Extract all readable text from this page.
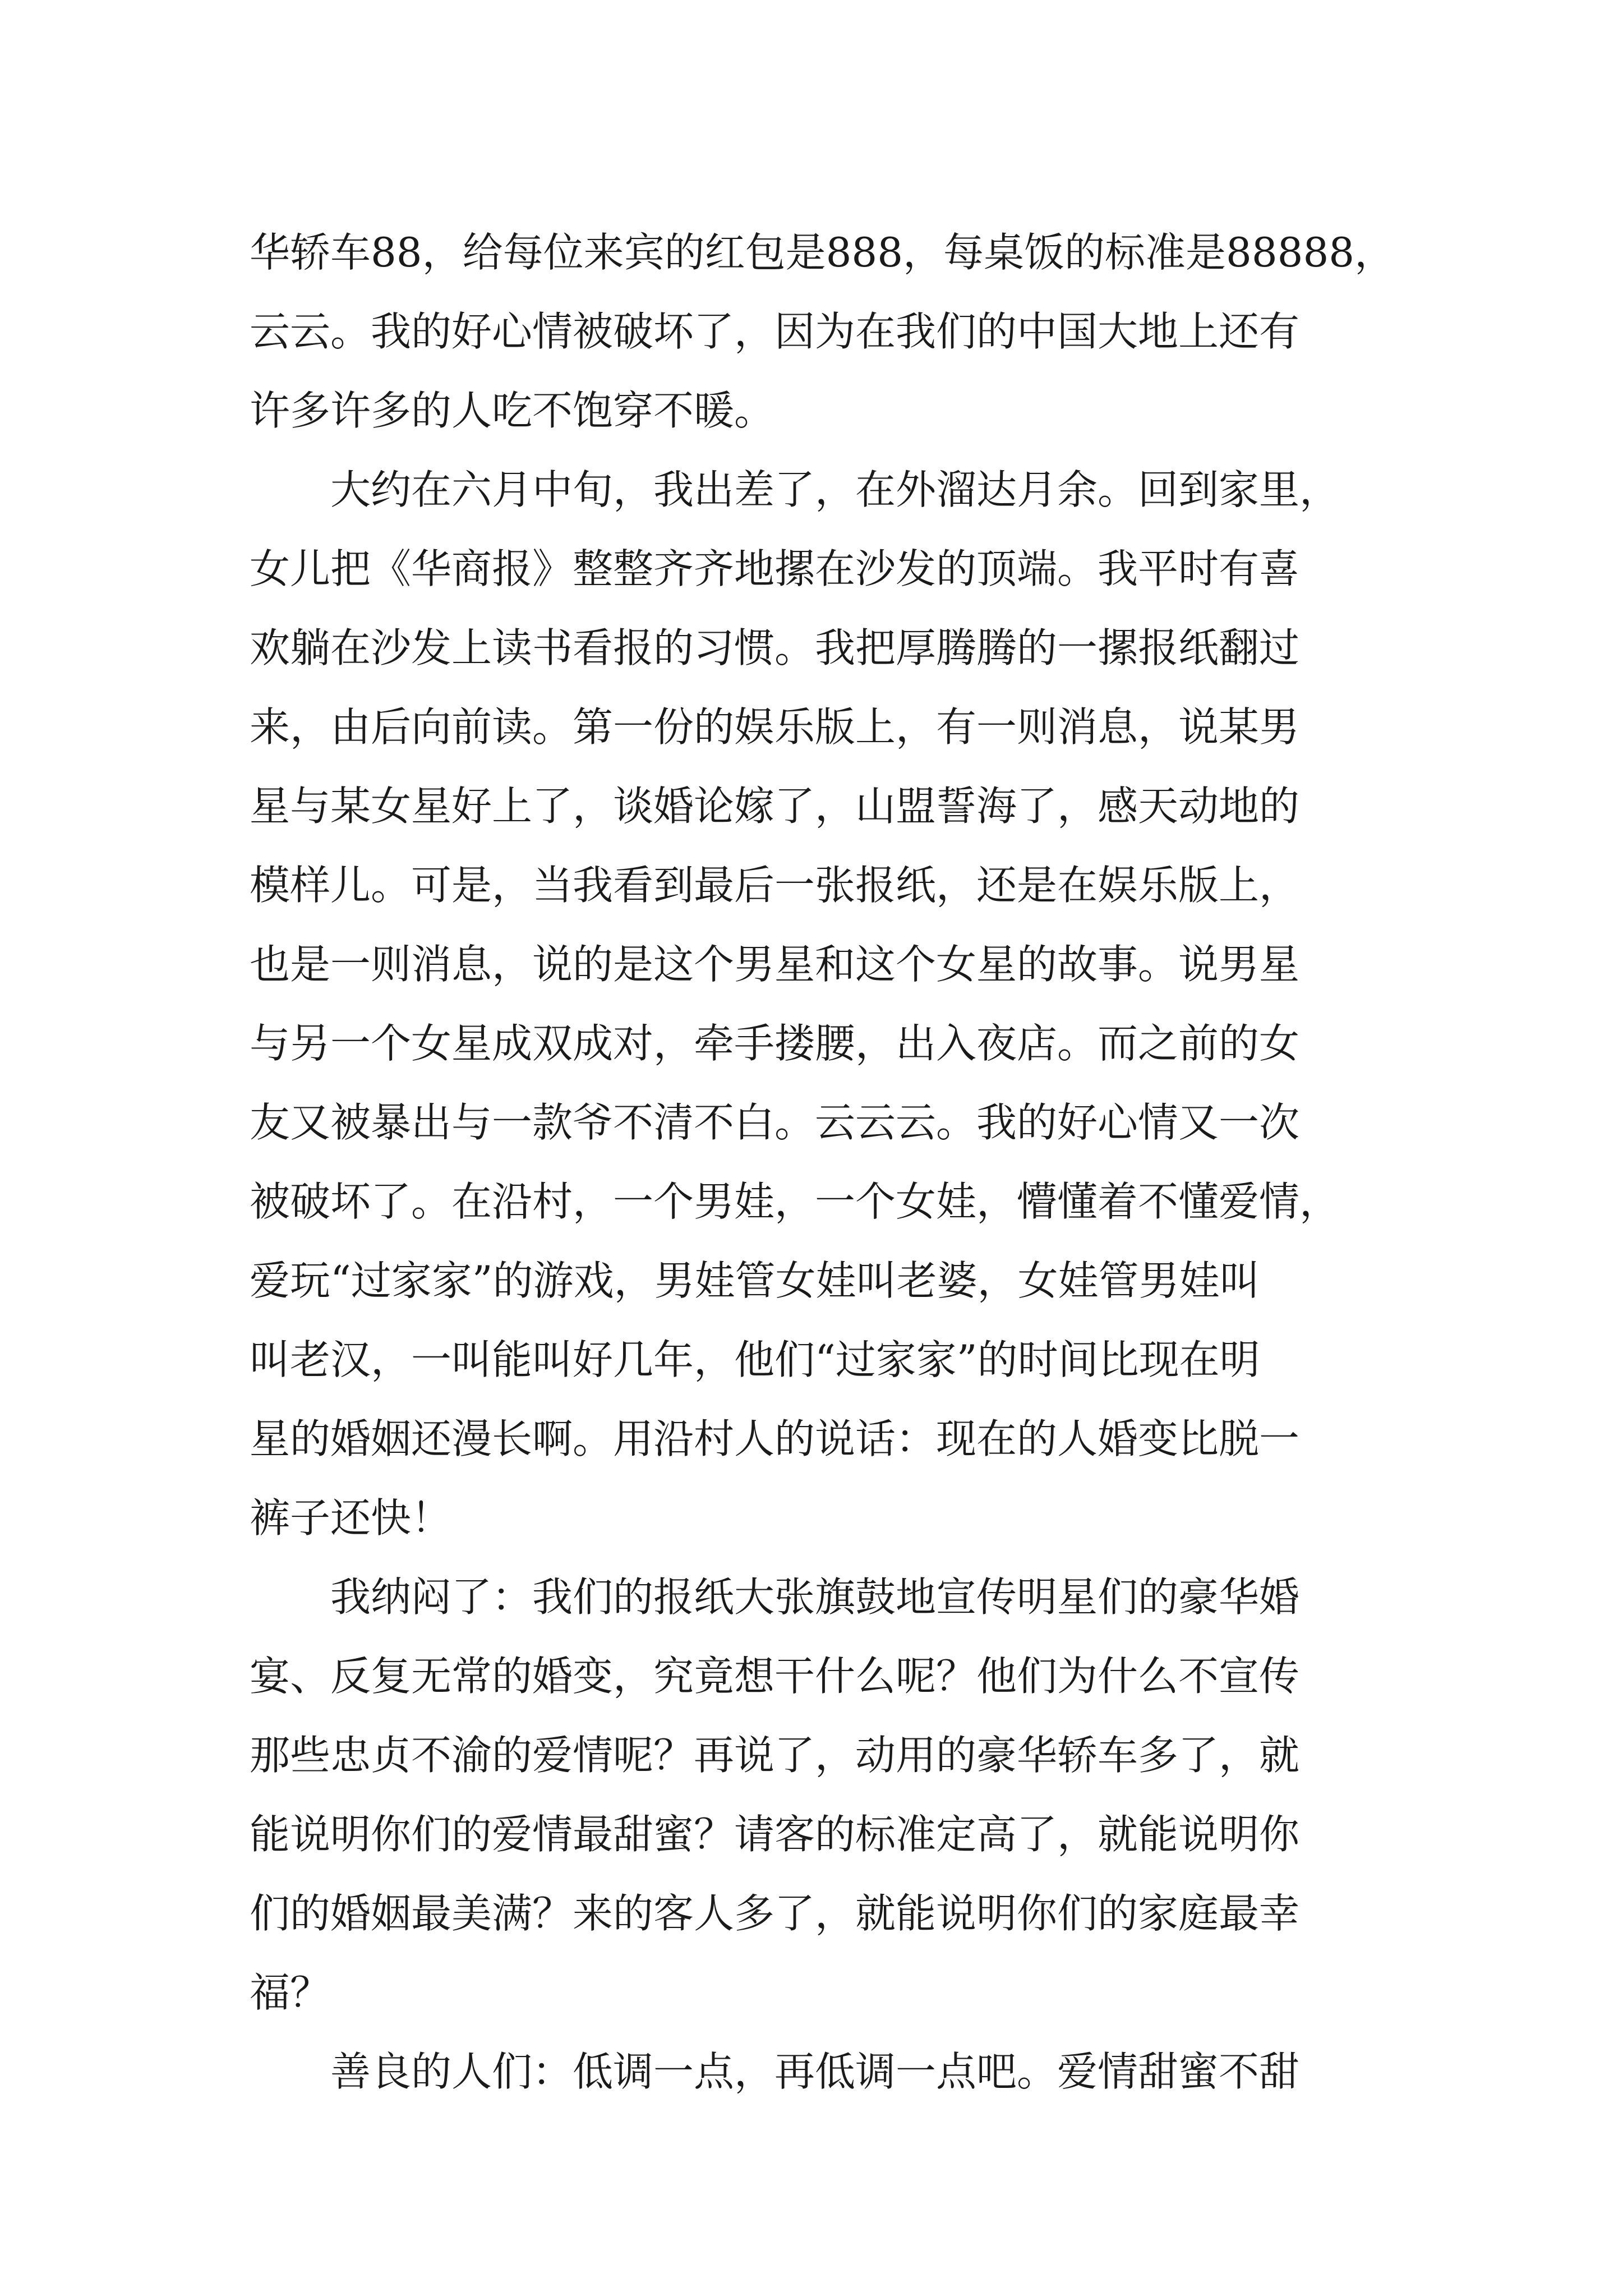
华轿车88，给每位来宾的红包是888，每桌饭的标准是88888，
云云。我的好心情被破坏了，因为在我们的中国大地上还有
许多许多的人吃不饱穿不暖。
　　大约在六月中旬，我出差了，在外溜达月余。回到家里，
女儿把《华商报》整整齐齐地摞在沙发的顶端。我平时有喜
欢躺在沙发上读书看报的习惯。我把厚腾腾的一摞报纸翻过
来，由后向前读。第一份的娱乐版上，有一则消息，说某男
星与某女星好上了，谈婚论嫁了，山盟誓海了，感天动地的
模样儿。可是，当我看到最后一张报纸，还是在娱乐版上，
也是一则消息，说的是这个男星和这个女星的故事。说男星
与另一个女星成双成对，牵手搂腰，出入夜店。而之前的女
友又被暴出与一款爷不清不白。云云云。我的好心情又一次
被破坏了。在沿村，一个男娃，一个女娃，懵懂着不懂爱情，
爱玩“过家家”的游戏，男娃管女娃叫老婆，女娃管男娃叫
叫老汉，一叫能叫好几年，他们“过家家”的时间比现在明
星的婚姻还漫长啊。用沿村人的说话：现在的人婚变比脱一
裤子还快！
　　我纳闷了：我们的报纸大张旗鼓地宣传明星们的豪华婚
宴、反复无常的婚变，究竟想干什么呢？他们为什么不宣传
那些忠贞不渝的爱情呢？再说了，动用的豪华轿车多了，就
能说明你们的爱情最甜蜜？请客的标准定高了，就能说明你
们的婚姻最美满？来的客人多了，就能说明你们的家庭最幸
福？
　　善良的人们：低调一点，再低调一点吧。爱情甜蜜不甜
